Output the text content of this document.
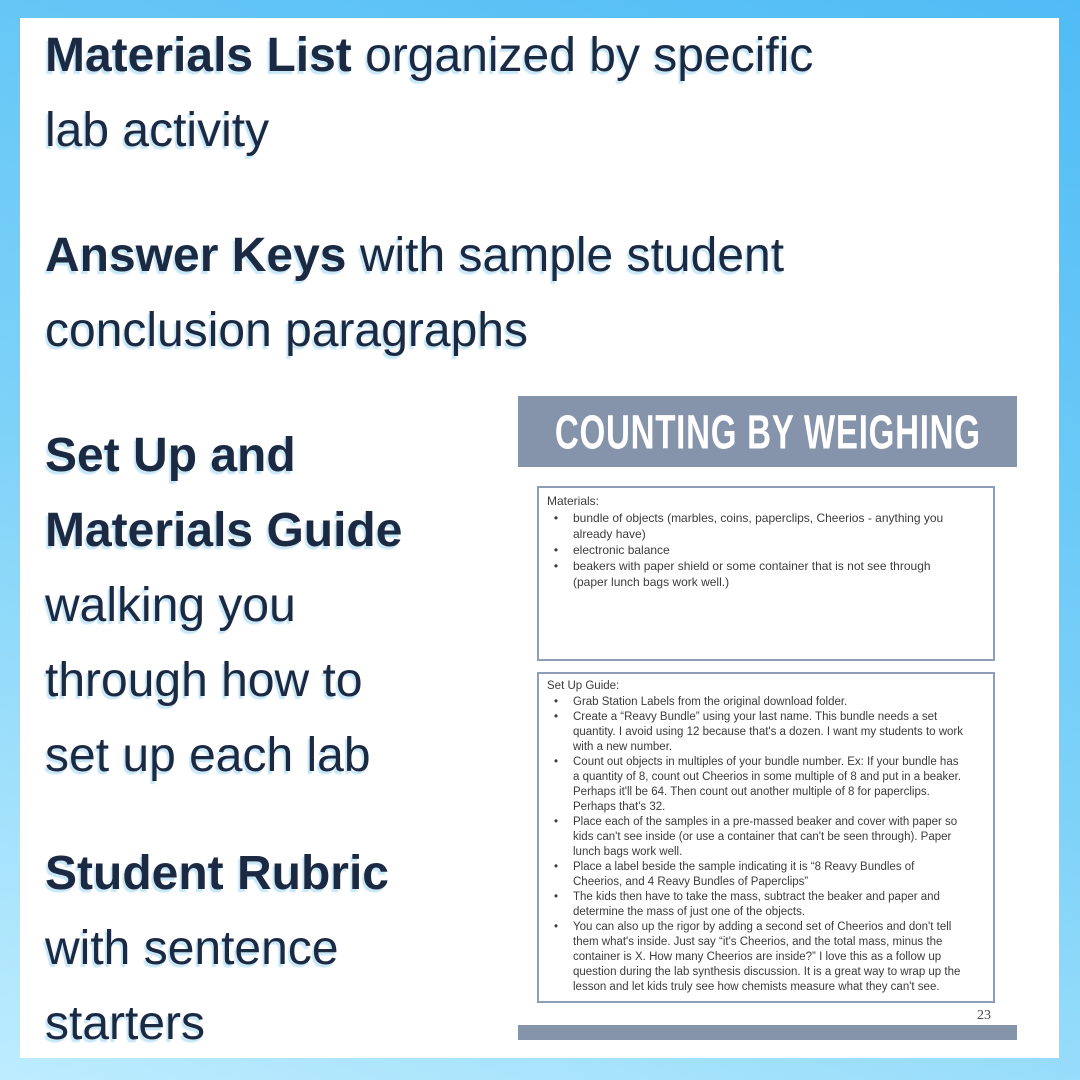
Materials List organized by specific
lab activity
Answer Keys with sample student
conclusion paragraphs
Set Up and
Materials Guide
walking you
through how to
set up each lab
Student Rubric
with sentence
starters
COUNTING BY WEIGHING
Materials:
•	bundle of objects (marbles, coins, paperclips, Cheerios - anything you already have)
•	electronic balance
•	beakers with paper shield or some container that is not see through (paper lunch bags work well.)
Set Up Guide:
•	Grab Station Labels from the original download folder.
•	Create a “Reavy Bundle” using your last name. This bundle needs a set quantity. I avoid using 12 because that's a dozen. I want my students to work with a new number.
•	Count out objects in multiples of your bundle number. Ex: If your bundle has a quantity of 8, count out Cheerios in some multiple of 8 and put in a beaker. Perhaps it'll be 64. Then count out another multiple of 8 for paperclips. Perhaps that's 32.
•	Place each of the samples in a pre-massed beaker and cover with paper so kids can't see inside (or use a container that can't be seen through). Paper lunch bags work well.
•	Place a label beside the sample indicating it is “8 Reavy Bundles of Cheerios, and 4 Reavy Bundles of Paperclips”
•	The kids then have to take the mass, subtract the beaker and paper and determine the mass of just one of the objects.
•	You can also up the rigor by adding a second set of Cheerios and don't tell them what's inside. Just say “it's Cheerios, and the total mass, minus the container is X. How many Cheerios are inside?” I love this as a follow up question during the lab synthesis discussion. It is a great way to wrap up the lesson and let kids truly see how chemists measure what they can't see.
23
